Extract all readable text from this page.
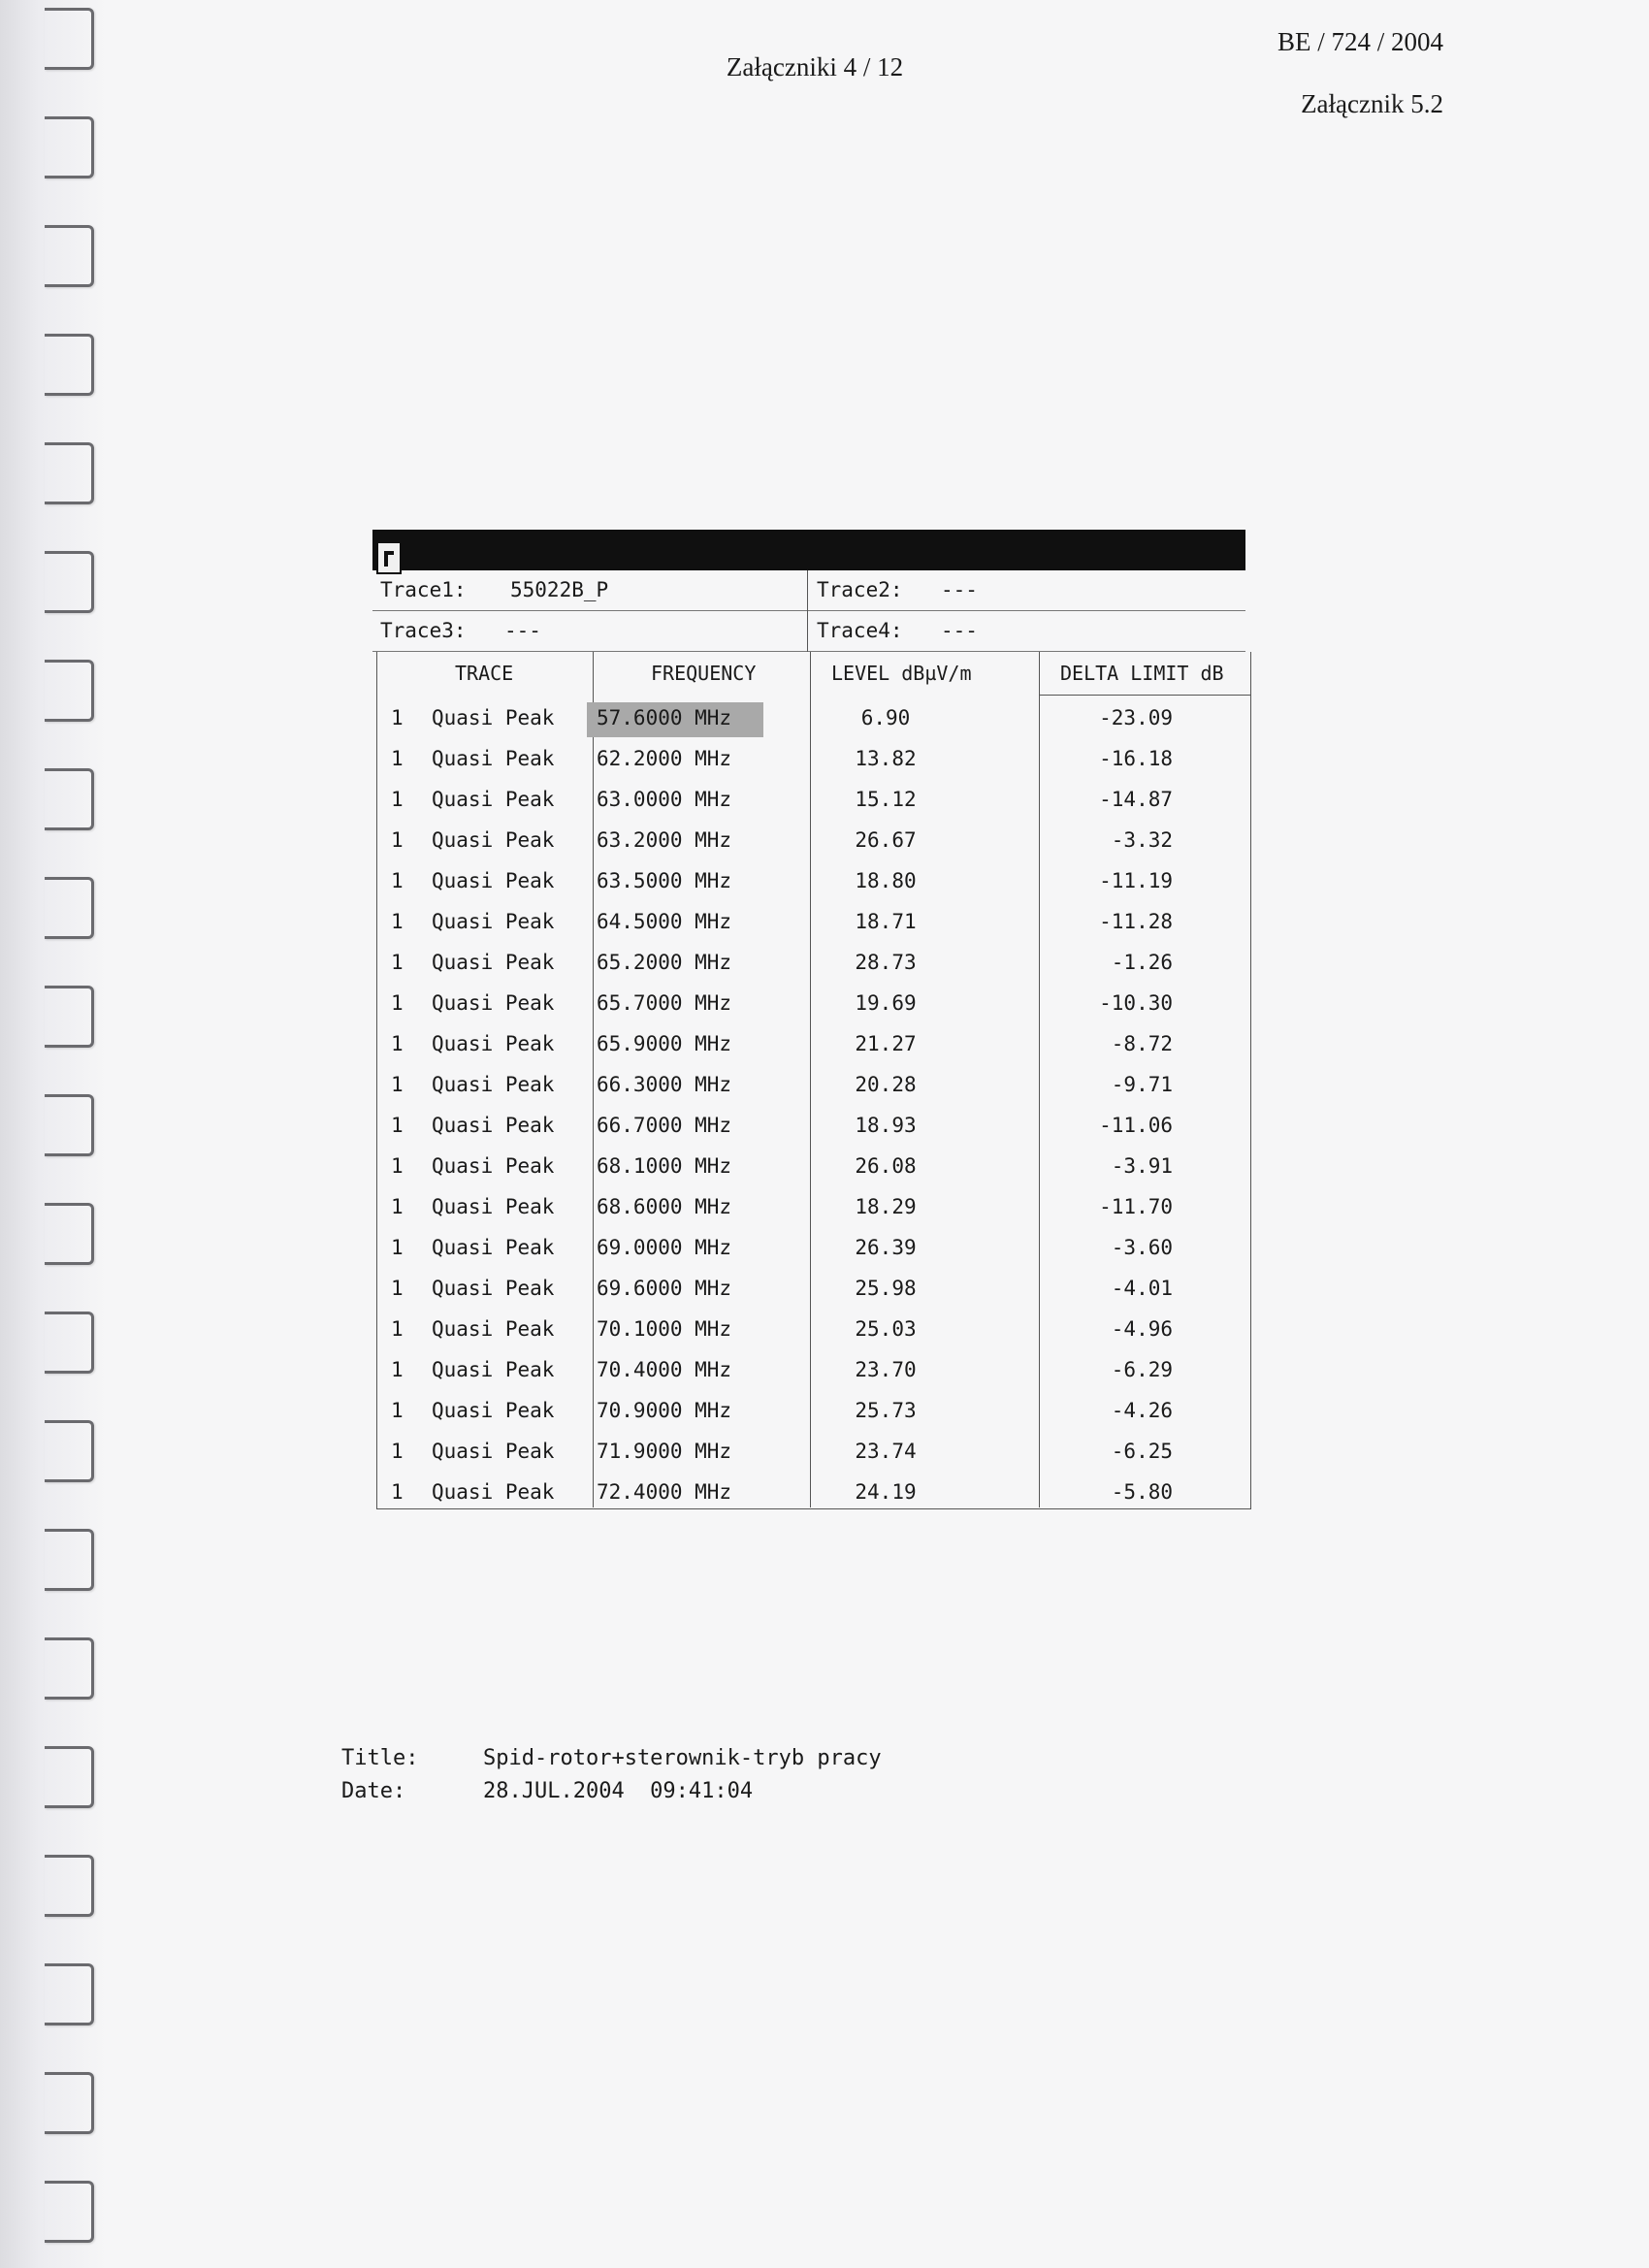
Załączniki 4 / 12
BE / 724 / 2004
Załącznik 5.2
Trace1: 55022B_P	Trace2: ---
Trace3: ---	Trace4: ---
TRACE	FREQUENCY	LEVEL dBµV/m	DELTA LIMIT dB
1 Quasi Peak 57.6000 MHz	6.90	-23.09
1 Quasi Peak 62.2000 MHz	13.82	-16.18
1 Quasi Peak 63.0000 MHz	15.12	-14.87
1 Quasi Peak 63.2000 MHz	26.67	-3.32
1 Quasi Peak 63.5000 MHz	18.80	-11.19
1 Quasi Peak 64.5000 MHz	18.71	-11.28
1 Quasi Peak 65.2000 MHz	28.73	-1.26
1 Quasi Peak 65.7000 MHz	19.69	-10.30
1 Quasi Peak 65.9000 MHz	21.27	-8.72
1 Quasi Peak 66.3000 MHz	20.28	-9.71
1 Quasi Peak 66.7000 MHz	18.93	-11.06
1 Quasi Peak 68.1000 MHz	26.08	-3.91
1 Quasi Peak 68.6000 MHz	18.29	-11.70
1 Quasi Peak 69.0000 MHz	26.39	-3.60
1 Quasi Peak 69.6000 MHz	25.98	-4.01
1 Quasi Peak 70.1000 MHz	25.03	-4.96
1 Quasi Peak 70.4000 MHz	23.70	-6.29
1 Quasi Peak 70.9000 MHz	25.73	-4.26
1 Quasi Peak 71.9000 MHz	23.74	-6.25
1 Quasi Peak 72.4000 MHz	24.19	-5.80
Title:	Spid-rotor+sterownik-tryb pracy
Date:	28.JUL.2004  09:41:04
